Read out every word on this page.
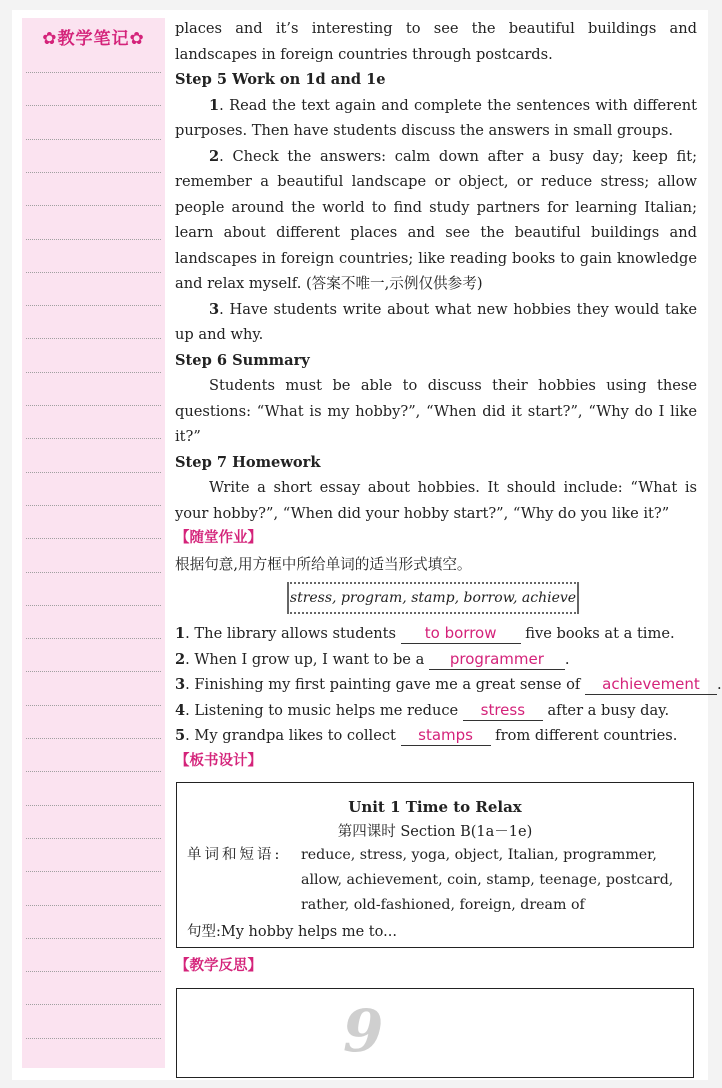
✿教学笔记✿

places and it’s interesting to see the beautiful buildings and landscapes in foreign countries through postcards.

Step 5 Work on 1d and 1e

1. Read the text again and complete the sentences with different purposes. Then have students discuss the answers in small groups.

2. Check the answers: calm down after a busy day; keep fit; remember a beautiful landscape or object, or reduce stress; allow people around the world to find study partners for learning Italian; learn about different places and see the beautiful buildings and landscapes in foreign countries; like reading books to gain knowledge and relax myself. (答案不唯一,示例仅供参考)

3. Have students write about what new hobbies they would take up and why.

Step 6 Summary

Students must be able to discuss their hobbies using these questions: “What is my hobby?”, “When did it start?”, “Why do I like it?”

Step 7 Homework

Write a short essay about hobbies. It should include: “What is your hobby?”, “When did your hobby start?”, “Why do you like it?”

【随堂作业】

根据句意,用方框中所给单词的适当形式填空。

stress, program, stamp, borrow, achieve

1. The library allows students to borrow five books at a time.

2. When I grow up, I want to be a programmer .

3. Finishing my first painting gave me a great sense of achievement .

4. Listening to music helps me reduce stress after a busy day.

5. My grandpa likes to collect stamps from different countries.

【板书设计】

Unit 1 Time to Relax
第四课时 Section B(1a－1e)
单词和短语: reduce, stress, yoga, object, Italian, programmer, allow, achievement, coin, stamp, teenage, postcard, rather, old-fashioned, foreign, dream of
句型:My hobby helps me to...

【教学反思】

9
